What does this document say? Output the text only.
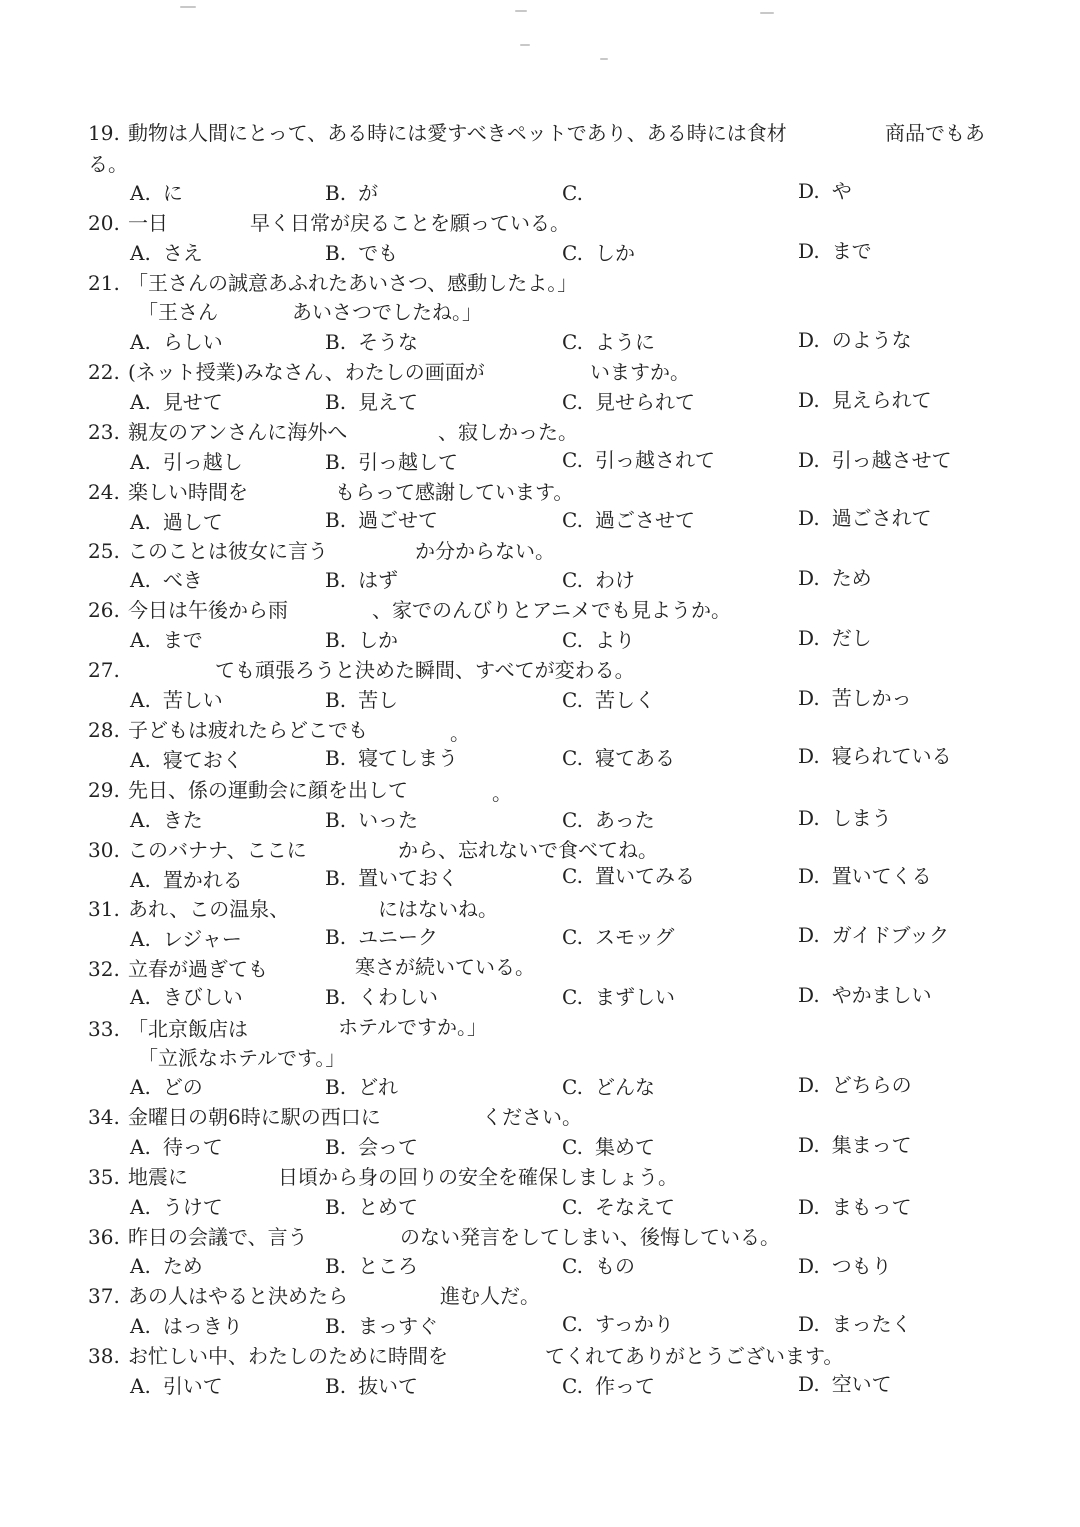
19. 動物は人間にとって、ある時には愛すべきペットであり、ある時には食材	商品でもあ
る。
A. に	B. が	C.	D. や
20. 一日	早く日常が戻ることを願っている。
A. さえ	B. でも	C. しか	D. まで
21. 「王さんの誠意あふれたあいさつ、感動したよ。」
「王さん	あいさつでしたね。」
A. らしい	B. そうな	C. ように	D. のような
22. (ネット授業)みなさん、わたしの画面が	いますか。
A. 見せて	B. 見えて	C. 見せられて	D. 見えられて
23. 親友のアンさんに海外へ	、寂しかった。
A. 引っ越し	B. 引っ越して	C. 引っ越されて	D. 引っ越させて
24. 楽しい時間を	もらって感謝しています。
A. 過して	B. 過ごせて	C. 過ごさせて	D. 過ごされて
25. このことは彼女に言う	か分からない。
A. べき	B. はず	C. わけ	D. ため
26. 今日は午後から雨	、家でのんびりとアニメでも見ようか。
A. まで	B. しか	C. より	D. だし
27.	ても頑張ろうと決めた瞬間、すべてが変わる。
A. 苦しい	B. 苦し	C. 苦しく	D. 苦しかっ
28. 子どもは疲れたらどこでも	。
A. 寝ておく	B. 寝てしまう	C. 寝てある	D. 寝られている
29. 先日、係の運動会に顔を出して	。
A. きた	B. いった	C. あった	D. しまう
30. このバナナ、ここに	から、忘れないで食べてね。
A. 置かれる	B. 置いておく	C. 置いてみる	D. 置いてくる
31. あれ、この温泉、	にはないね。
A. レジャー	B. ユニーク	C. スモッグ	D. ガイドブック
32. 立春が過ぎても	寒さが続いている。
A. きびしい	B. くわしい	C. まずしい	D. やかましい
33. 「北京飯店は	ホテルですか。」
「立派なホテルです。」
A. どの	B. どれ	C. どんな	D. どちらの
34. 金曜日の朝6時に駅の西口に	ください。
A. 待って	B. 会って	C. 集めて	D. 集まって
35. 地震に	日頃から身の回りの安全を確保しましょう。
A. うけて	B. とめて	C. そなえて	D. まもって
36. 昨日の会議で、言う	のない発言をしてしまい、後悔している。
A. ため	B. ところ	C. もの	D. つもり
37. あの人はやると決めたら	進む人だ。
A. はっきり	B. まっすぐ	C. すっかり	D. まったく
38. お忙しい中、わたしのために時間を	てくれてありがとうございます。
A. 引いて	B. 抜いて	C. 作って	D. 空いて
